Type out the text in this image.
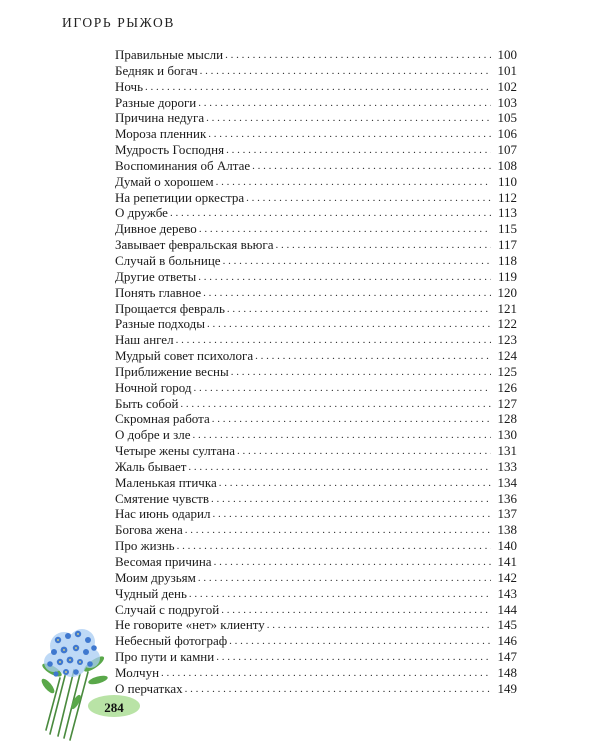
ИГОРЬ РЫЖОВ
Правильные мысли . . .	100
Бедняк и богач . . .	101
Ночь . . .	102
Разные дороги . . .	103
Причина недуга . . .	105
Мороза пленник . . .	106
Мудрость Господня . . .	107
Воспоминания об Алтае . . .	108
Думай о хорошем . . .	110
На репетиции оркестра . . .	112
О дружбе . . .	113
Дивное дерево . . .	115
Завывает февральская вьюга . . .	117
Случай в больнице . . .	118
Другие ответы . . .	119
Понять главное . . .	120
Прощается февраль . . .	121
Разные подходы . . .	122
Наш ангел . . .	123
Мудрый совет психолога . . .	124
Приближение весны . . .	125
Ночной город . . .	126
Быть собой . . .	127
Скромная работа . . .	128
О добре и зле . . .	130
Четыре жены султана . . .	131
Жаль бывает . . .	133
Маленькая птичка . . .	134
Смятение чувств . . .	136
Нас июнь одарил . . .	137
Богова жена . . .	138
Про жизнь . . .	140
Весомая причина . . .	141
Моим друзьям . . .	142
Чудный день . . .	143
Случай с подругой . . .	144
Не говорите «нет» клиенту . . .	145
Небесный фотограф . . .	146
Про пути и камни . . .	147
Молчун . . .	148
О перчатках . . .	149
284
